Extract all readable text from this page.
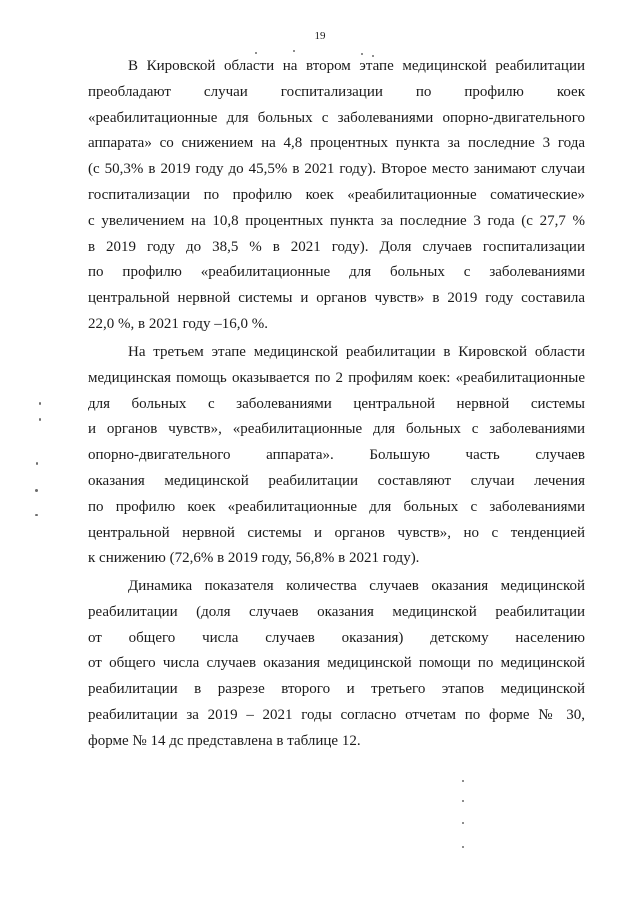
19
В Кировской области на втором этапе медицинской реабилитации
преобладают случаи госпитализации по профилю коек
«реабилитационные для больных с заболеваниями опорно-двигательного
аппарата» со снижением на 4,8 процентных пункта за последние 3 года
(с 50,3% в 2019 году до 45,5% в 2021 году). Второе место занимают случаи
госпитализации по профилю коек «реабилитационные соматические»
с увеличением на 10,8 процентных пункта за последние 3 года (с 27,7 %
в 2019 году до 38,5 % в 2021 году). Доля случаев госпитализации
по профилю «реабилитационные для больных с заболеваниями
центральной нервной системы и органов чувств» в 2019 году составила
22,0 %, в 2021 году –16,0 %.
На третьем этапе медицинской реабилитации в Кировской области
медицинская помощь оказывается по 2 профилям коек: «реабилитационные
для больных с заболеваниями центральной нервной системы
и органов чувств», «реабилитационные для больных с заболеваниями
опорно-двигательного аппарата». Большую часть случаев
оказания медицинской реабилитации составляют случаи лечения
по профилю коек «реабилитационные для больных с заболеваниями
центральной нервной системы и органов чувств», но с тенденцией
к снижению (72,6% в 2019 году, 56,8% в 2021 году).
Динамика показателя количества случаев оказания медицинской
реабилитации (доля случаев оказания медицинской реабилитации
от общего числа случаев оказания) детскому населению
от общего числа случаев оказания медицинской помощи по медицинской
реабилитации в разрезе второго и третьего этапов медицинской
реабилитации за 2019 – 2021 годы согласно отчетам по форме № 30,
форме № 14 дс представлена в таблице 12.
